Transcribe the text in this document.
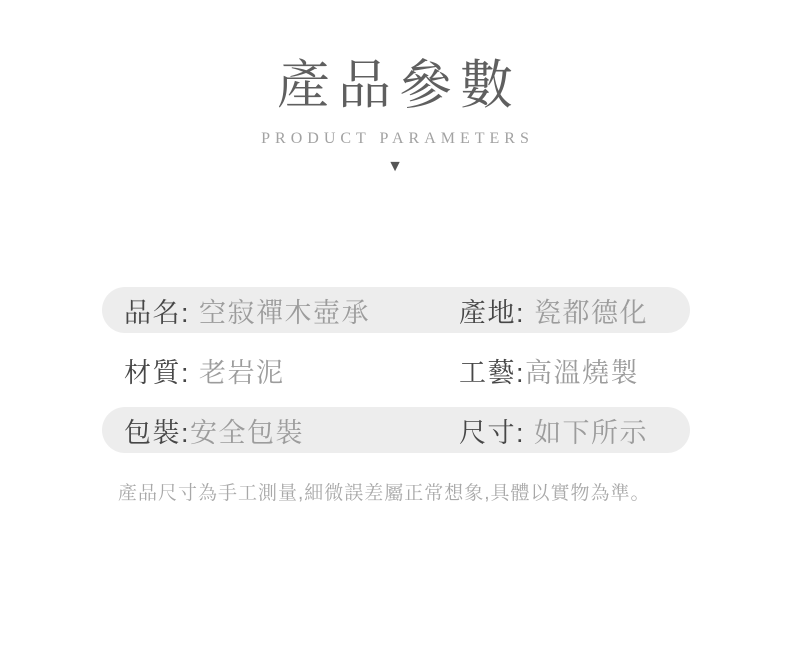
產品參數
PRODUCT PARAMETERS
▼
品名: 空寂禪木壺承	產地: 瓷都德化
材質: 老岩泥	工藝:高溫燒製
包裝:安全包裝	尺寸: 如下所示

產品尺寸為手工測量,細微誤差屬正常想象,具體以實物為準。
